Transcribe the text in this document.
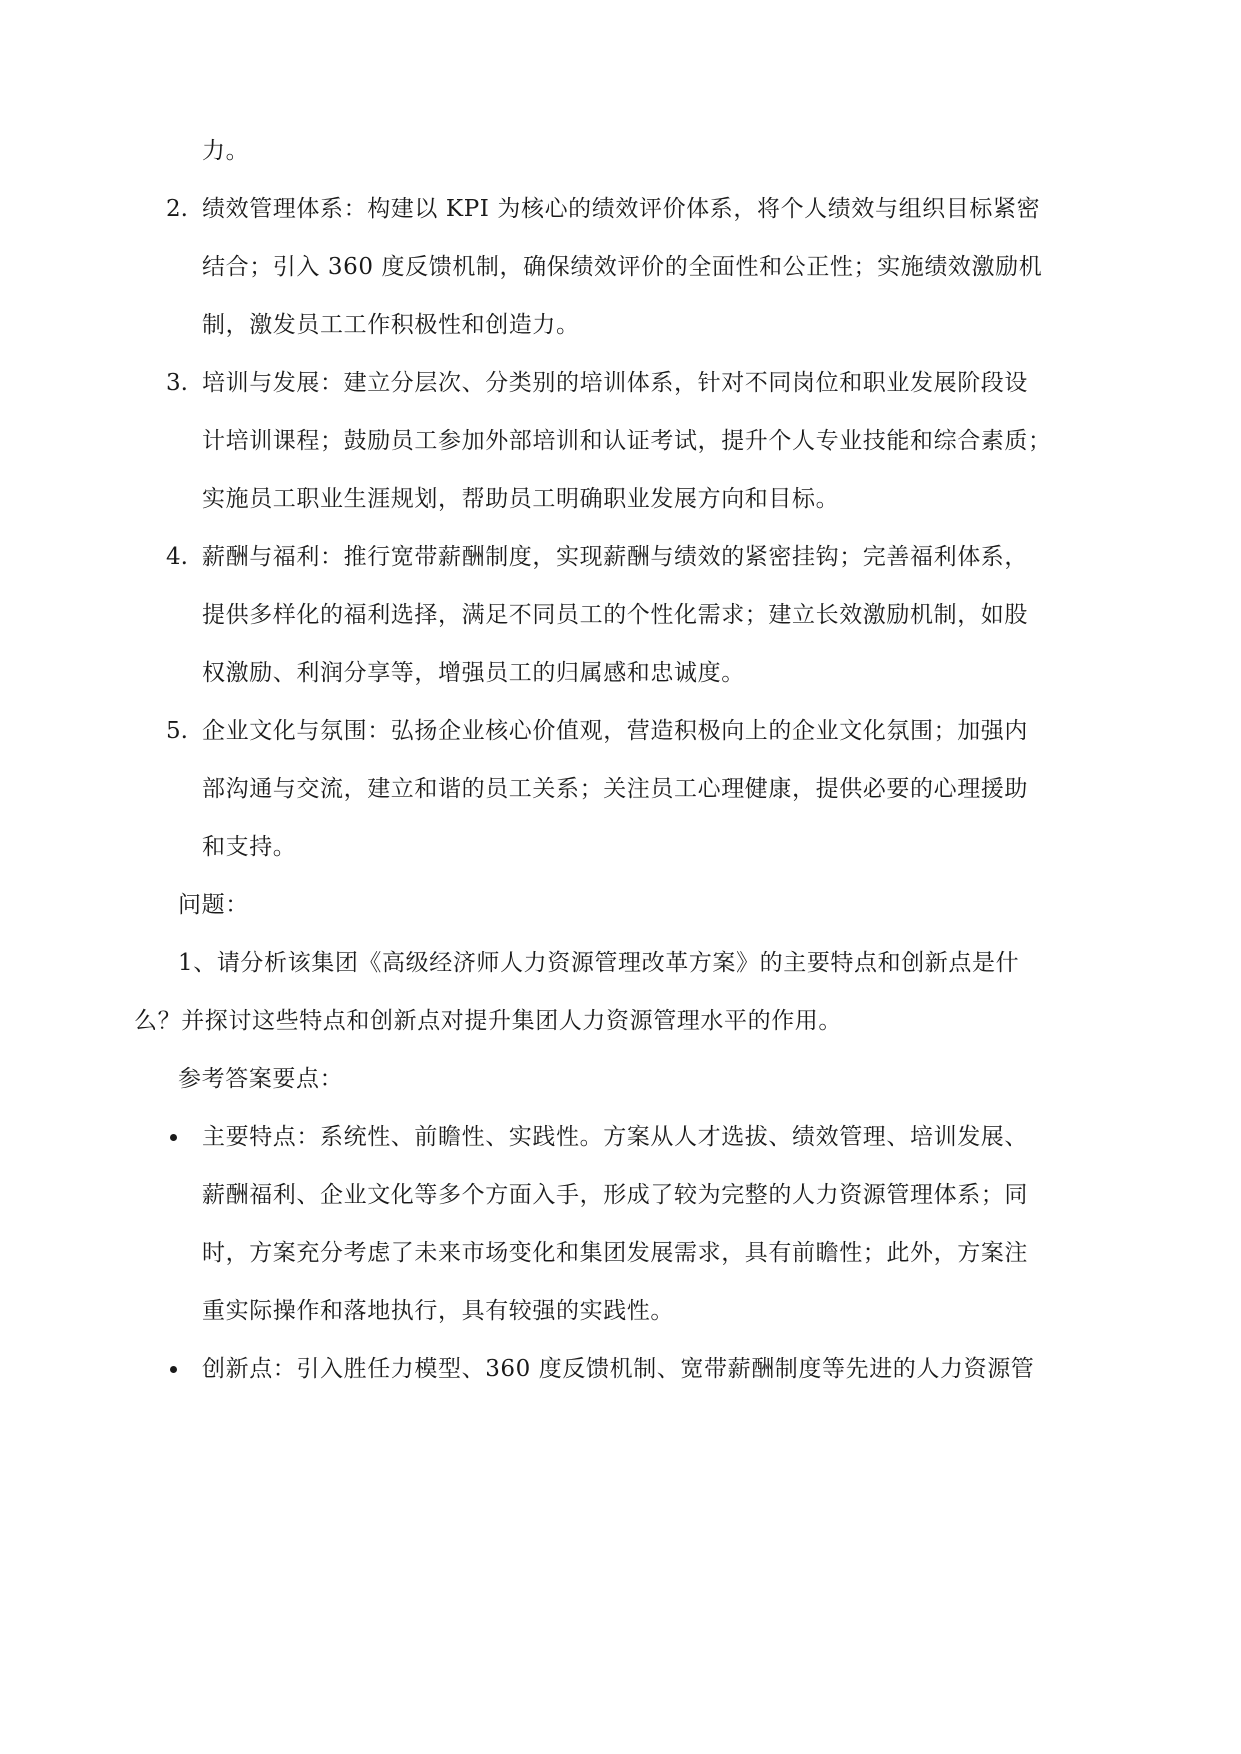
力。
2. 绩效管理体系：构建以 KPI 为核心的绩效评价体系，将个人绩效与组织目标紧密
结合；引入 360 度反馈机制，确保绩效评价的全面性和公正性；实施绩效激励机
制，激发员工工作积极性和创造力。
3. 培训与发展：建立分层次、分类别的培训体系，针对不同岗位和职业发展阶段设
计培训课程；鼓励员工参加外部培训和认证考试，提升个人专业技能和综合素质；
实施员工职业生涯规划，帮助员工明确职业发展方向和目标。
4. 薪酬与福利：推行宽带薪酬制度，实现薪酬与绩效的紧密挂钩；完善福利体系，
提供多样化的福利选择，满足不同员工的个性化需求；建立长效激励机制，如股
权激励、利润分享等，增强员工的归属感和忠诚度。
5. 企业文化与氛围：弘扬企业核心价值观，营造积极向上的企业文化氛围；加强内
部沟通与交流，建立和谐的员工关系；关注员工心理健康，提供必要的心理援助
和支持。
问题：
1、请分析该集团《高级经济师人力资源管理改革方案》的主要特点和创新点是什
么？并探讨这些特点和创新点对提升集团人力资源管理水平的作用。
参考答案要点：
主要特点：系统性、前瞻性、实践性。方案从人才选拔、绩效管理、培训发展、
薪酬福利、企业文化等多个方面入手，形成了较为完整的人力资源管理体系；同
时，方案充分考虑了未来市场变化和集团发展需求，具有前瞻性；此外，方案注
重实际操作和落地执行，具有较强的实践性。
创新点：引入胜任力模型、360 度反馈机制、宽带薪酬制度等先进的人力资源管
